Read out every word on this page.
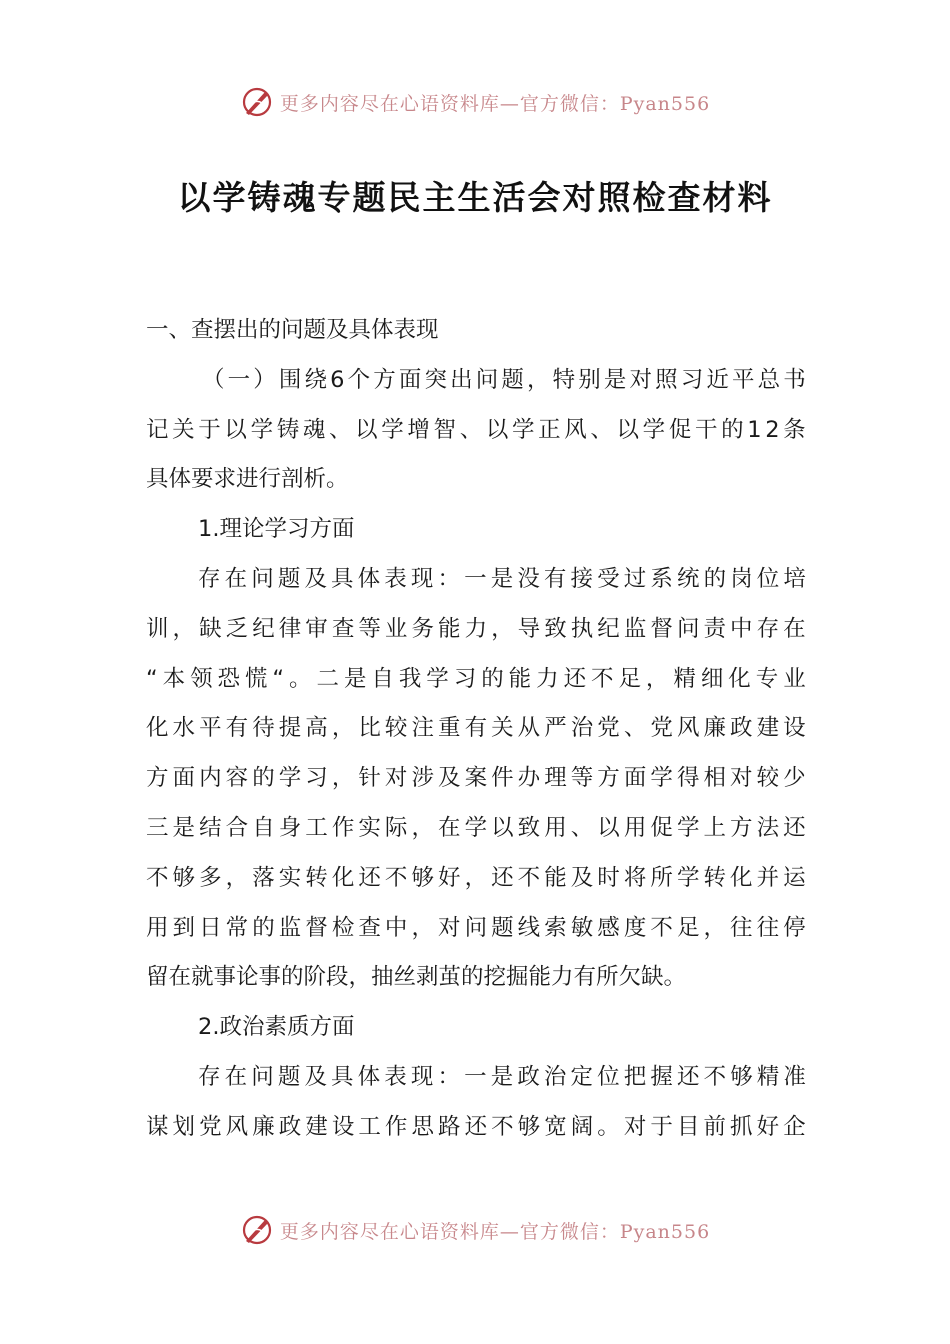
更多内容尽在心语资料库—官方微信：Pyan556
以学铸魂专题民主生活会对照检查材料
一、查摆出的问题及具体表现
（ 一 ） 围 绕 6 个 方 面 突 出 问 题 ， 特 别 是 对 照 习 近 平 总 书
记 关 于 以 学 铸 魂 、 以 学 增 智 、 以 学 正 风 、 以 学 促 干 的 1 2 条
具体要求进行剖析。
1.理论学习方面
存 在 问 题 及 具 体 表 现 ： 一 是 没 有 接 受 过 系 统 的 岗 位 培
训 ， 缺 乏 纪 律 审 查 等 业 务 能 力 ， 导 致 执 纪 监 督 问 责 中 存 在
“ 本 领 恐 慌 “ 。 二 是 自 我 学 习 的 能 力 还 不 足 ， 精 细 化 专 业
化 水 平 有 待 提 高 ， 比 较 注 重 有 关 从 严 治 党 、 党 风 廉 政 建 设
方 面 内 容 的 学 习 ， 针 对 涉 及 案 件 办 理 等 方 面 学 得 相 对 较 少
三 是 结 合 自 身 工 作 实 际 ， 在 学 以 致 用 、 以 用 促 学 上 方 法 还
不 够 多 ， 落 实 转 化 还 不 够 好 ， 还 不 能 及 时 将 所 学 转 化 并 运
用 到 日 常 的 监 督 检 查 中 ， 对 问 题 线 索 敏 感 度 不 足 ， 往 往 停
留在就事论事的阶段，抽丝剥茧的挖掘能力有所欠缺。
2.政治素质方面
存 在 问 题 及 具 体 表 现 ： 一 是 政 治 定 位 把 握 还 不 够 精 准
谋 划 党 风 廉 政 建 设 工 作 思 路 还 不 够 宽 阔 。 对 于 目 前 抓 好 企
更多内容尽在心语资料库—官方微信：Pyan556
